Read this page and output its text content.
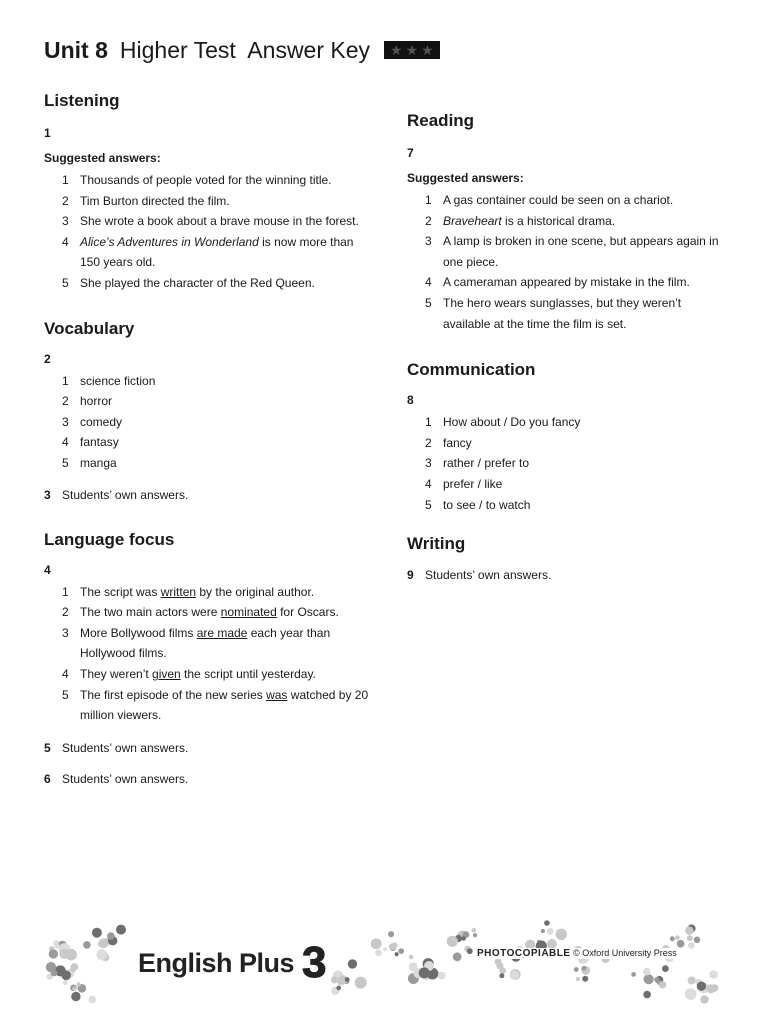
Unit 8 Higher Test  Answer Key ★ ★ ★
Listening
1
Suggested answers:
1 Thousands of people voted for the winning title.
2 Tim Burton directed the film.
3 She wrote a book about a brave mouse in the forest.
4 Alice’s Adventures in Wonderland is now more than 150 years old.
5 She played the character of the Red Queen.
Vocabulary
2
1 science fiction
2 horror
3 comedy
4 fantasy
5 manga
3 Students’ own answers.
Language focus
4
1 The script was written by the original author.
2 The two main actors were nominated for Oscars.
3 More Bollywood films are made each year than Hollywood films.
4 They weren’t given the script until yesterday.
5 The first episode of the new series was watched by 20 million viewers.
5 Students’ own answers.
6 Students’ own answers.
Reading
7
Suggested answers:
1 A gas container could be seen on a chariot.
2 Braveheart is a historical drama.
3 A lamp is broken in one scene, but appears again in one piece.
4 A cameraman appeared by mistake in the film.
5 The hero wears sunglasses, but they weren’t available at the time the film is set.
Communication
8
1 How about / Do you fancy
2 fancy
3 rather / prefer to
4 prefer / like
5 to see / to watch
Writing
9 Students’ own answers.
English Plus 3	PHOTOCOPIABLE © Oxford University Press
